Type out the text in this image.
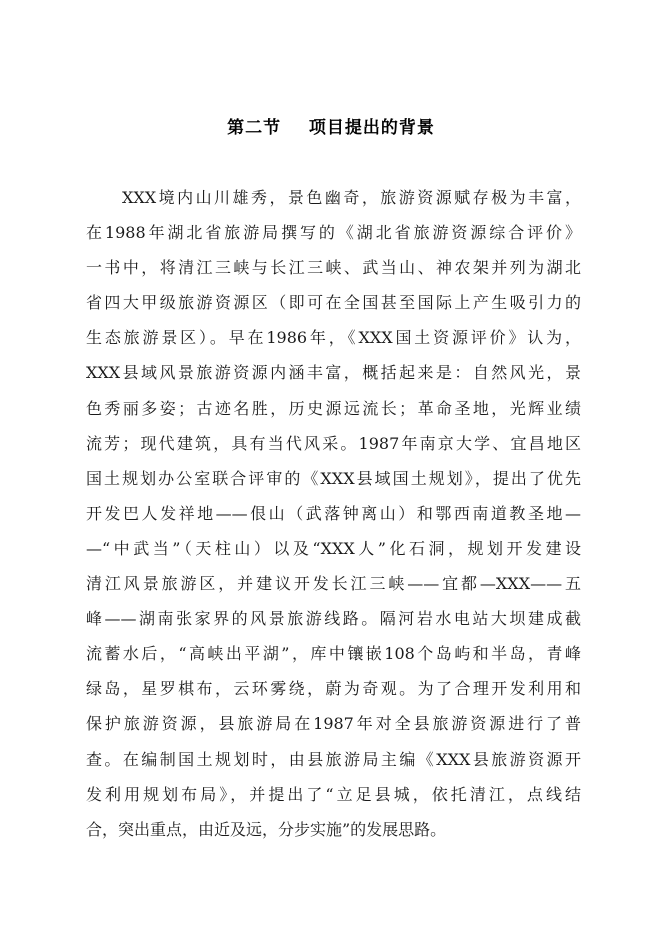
第二节    项目提出的背景
XXX境内山川雄秀，景色幽奇，旅游资源赋存极为丰富，
在1988年湖北省旅游局撰写的《湖北省旅游资源综合评价》
一书中，将清江三峡与长江三峡、武当山、神农架并列为湖北
省四大甲级旅游资源区（即可在全国甚至国际上产生吸引力的
生态旅游景区）。早在1986年，《XXX国土资源评价》认为，
XXX县域风景旅游资源内涵丰富，概括起来是：自然风光，景
色秀丽多姿；古迹名胜，历史源远流长；革命圣地，光辉业绩
流芳；现代建筑，具有当代风采。1987年南京大学、宜昌地区
国土规划办公室联合评审的《XXX县域国土规划》，提出了优先
开发巴人发祥地——佷山（武落钟离山）和鄂西南道教圣地—
—“中武当”（天柱山）以及“XXX人”化石洞，规划开发建设
清江风景旅游区，并建议开发长江三峡——宜都—XXX——五
峰——湖南张家界的风景旅游线路。隔河岩水电站大坝建成截
流蓄水后，“高峡出平湖”，库中镶嵌108个岛屿和半岛，青峰
绿岛，星罗棋布，云环雾绕，蔚为奇观。为了合理开发利用和
保护旅游资源，县旅游局在1987年对全县旅游资源进行了普
查。在编制国土规划时，由县旅游局主编《XXX县旅游资源开
发利用规划布局》，并提出了“立足县城，依托清江，点线结
合，突出重点，由近及远，分步实施”的发展思路。
